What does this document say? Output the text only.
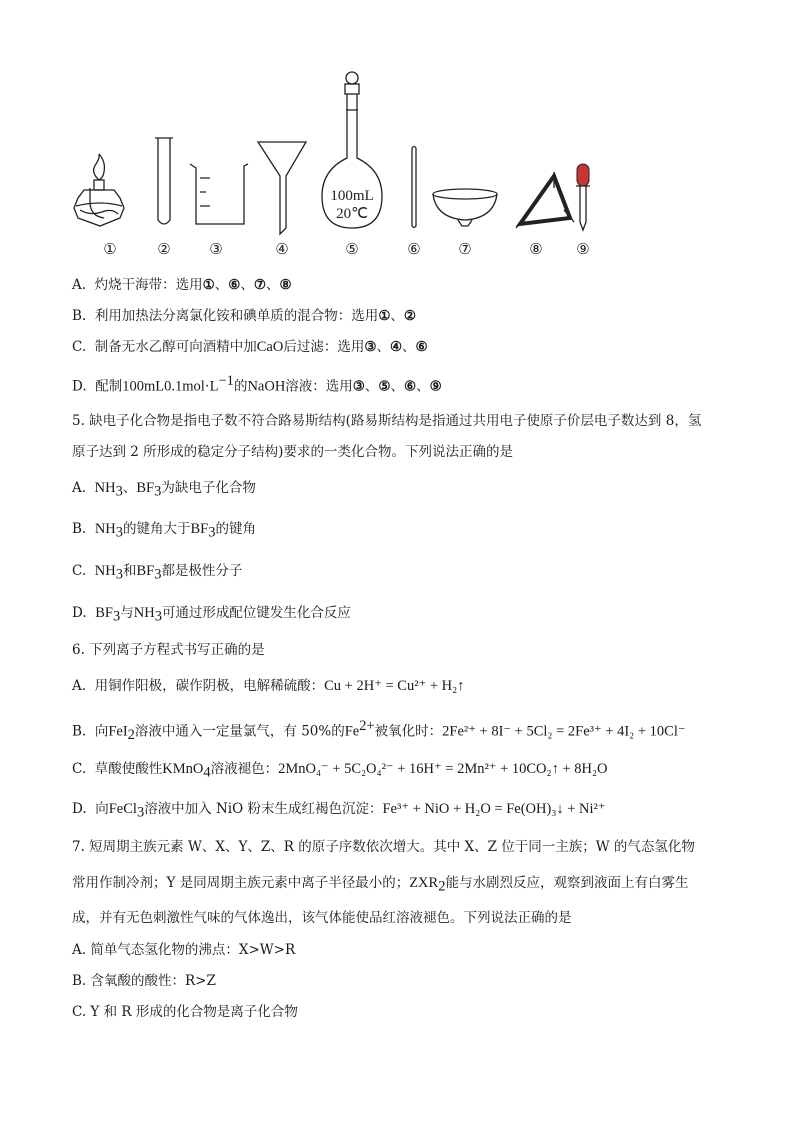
100mL
20℃
①	②	③	④	⑤	⑥	⑦	⑧ ⑨
A. 灼烧干海带：选用①、⑥、⑦、⑧
B. 利用加热法分离氯化铵和碘单质的混合物：选用①、②
C. 制备无水乙醇可向酒精中加CaO后过滤：选用③、④、⑥
D. 配制$100mL0.1mol\cdot L^{-1}$的NaOH溶液：选用③、⑤、⑥、⑨
5. 缺电子化合物是指电子数不符合路易斯结构(路易斯结构是指通过共用电子使原子价层电子数达到 8，氢
原子达到 2 所形成的稳定分子结构)要求的一类化合物。下列说法正确的是
A. $NH_3$、$BF_3$为缺电子化合物
B. $NH_3$的键角大于$BF_3$的键角
C. $NH_3$和$BF_3$都是极性分子
D. $BF_3$与$NH_3$可通过形成配位键发生化合反应
6. 下列离子方程式书写正确的是
A. 用铜作阳极，碳作阴极，电解稀硫酸：Cu + 2H⁺ = Cu²⁺ + H₂↑
B. 向FeI$_2$溶液中通入一定量氯气，有 50%的$Fe^{2+}$被氧化时：2Fe²⁺ + 8I⁻ + 5Cl₂ = 2Fe³⁺ + 4I₂ + 10Cl⁻
C. 草酸使酸性KMnO$_4$溶液褪色：2MnO₄⁻ + 5C₂O₄²⁻ + 16H⁺ = 2Mn²⁺ + 10CO₂↑ + 8H₂O
D. 向FeCl$_3$溶液中加入 NiO 粉末生成红褐色沉淀：Fe³⁺ + NiO + H₂O = Fe(OH)₃↓ + Ni²⁺
7. 短周期主族元素 W、X、Y、Z、R 的原子序数依次增大。其中 X、Z 位于同一主族；W 的气态氢化物
常用作制冷剂；Y 是同周期主族元素中离子半径最小的；$ZXR_2$能与水剧烈反应，观察到液面上有白雾生
成，并有无色刺激性气味的气体逸出，该气体能使品红溶液褪色。下列说法正确的是
A. 简单气态氢化物的沸点：X>W>R
B. 含氧酸的酸性：R>Z
C. Y 和 R 形成的化合物是离子化合物
